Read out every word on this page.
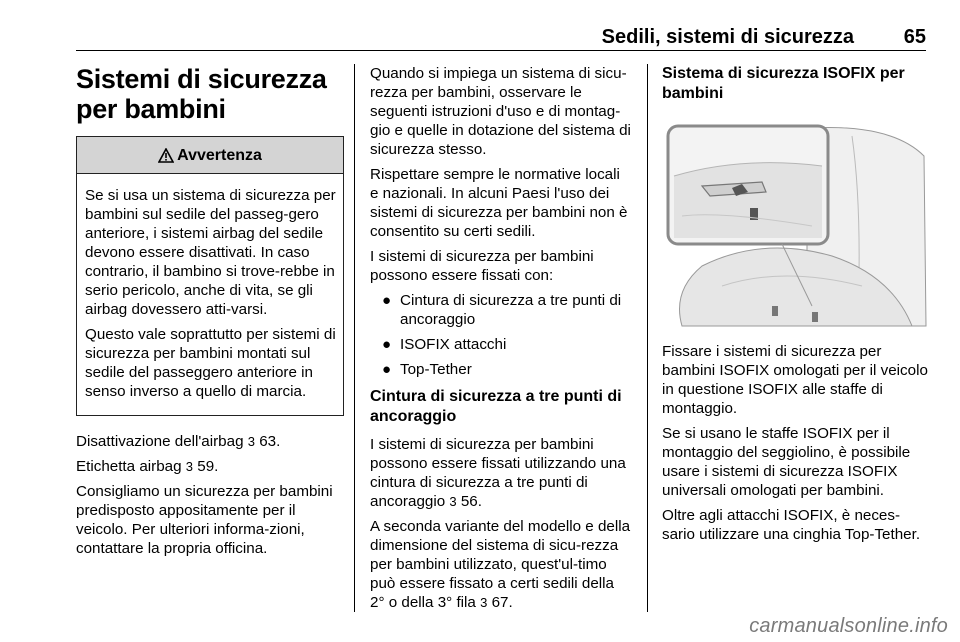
Sedili, sistemi di sicurezza 65
Sistemi di sicurezza per bambini
Avvertenza

Se si usa un sistema di sicurezza per bambini sul sedile del passeg-gero anteriore, i sistemi airbag del sedile devono essere disattivati. In caso contrario, il bambino si trove-rebbe in serio pericolo, anche di vita, se gli airbag dovessero atti-varsi.

Questo vale soprattutto per sistemi di sicurezza per bambini montati sul sedile del passeggero anteriore in senso inverso a quello di marcia.

Disattivazione dell'airbag 3 63.

Etichetta airbag 3 59.

Consigliamo un sicurezza per bambini predisposto appositamente per il veicolo. Per ulteriori informa-zioni, contattare la propria officina.

Quando si impiega un sistema di sicu-rezza per bambini, osservare le seguenti istruzioni d'uso e di montag-gio e quelle in dotazione del sistema di sicurezza stesso.

Rispettare sempre le normative locali e nazionali. In alcuni Paesi l'uso dei sistemi di sicurezza per bambini non è consentito su certi sedili.

I sistemi di sicurezza per bambini possono essere fissati con:

● Cintura di sicurezza a tre punti di ancoraggio
● ISOFIX attacchi
● Top-Tether
Cintura di sicurezza a tre punti di ancoraggio

I sistemi di sicurezza per bambini possono essere fissati utilizzando una cintura di sicurezza a tre punti di ancoraggio 3 56.

A seconda variante del modello e della dimensione del sistema di sicu-rezza per bambini utilizzato, quest'ul-timo può essere fissato a certi sedili della 2° o della 3° fila 3 67.

Sistema di sicurezza ISOFIX per bambini

Fissare i sistemi di sicurezza per bambini ISOFIX omologati per il veicolo in questione ISOFIX alle staffe di montaggio.

Se si usano le staffe ISOFIX per il montaggio del seggiolino, è possibile usare i sistemi di sicurezza ISOFIX universali omologati per bambini.

Oltre agli attacchi ISOFIX, è neces-sario utilizzare una cinghia Top-Tether.

carmanualsonline.info
